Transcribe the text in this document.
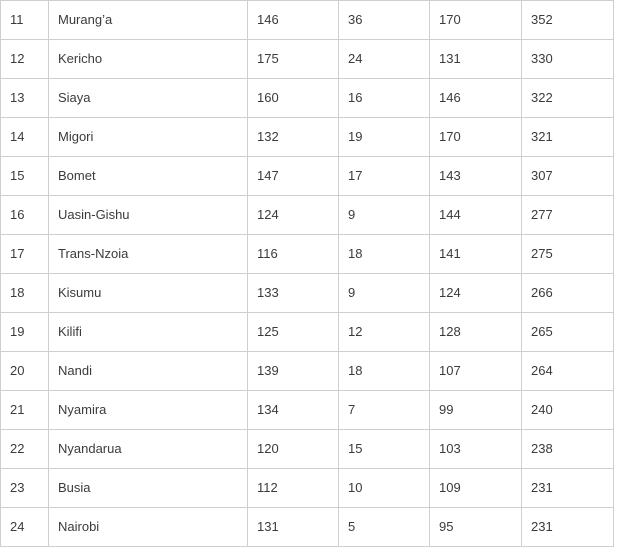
11	Murang’a	146	36	170	352
12	Kericho	175	24	131	330
13	Siaya	160	16	146	322
14	Migori	132	19	170	321
15	Bomet	147	17	143	307
16	Uasin-Gishu	124	9	144	277
17	Trans-Nzoia	116	18	141	275
18	Kisumu	133	9	124	266
19	Kilifi	125	12	128	265
20	Nandi	139	18	107	264
21	Nyamira	134	7	99	240
22	Nyandarua	120	15	103	238
23	Busia	112	10	109	231
24	Nairobi	131	5	95	231
